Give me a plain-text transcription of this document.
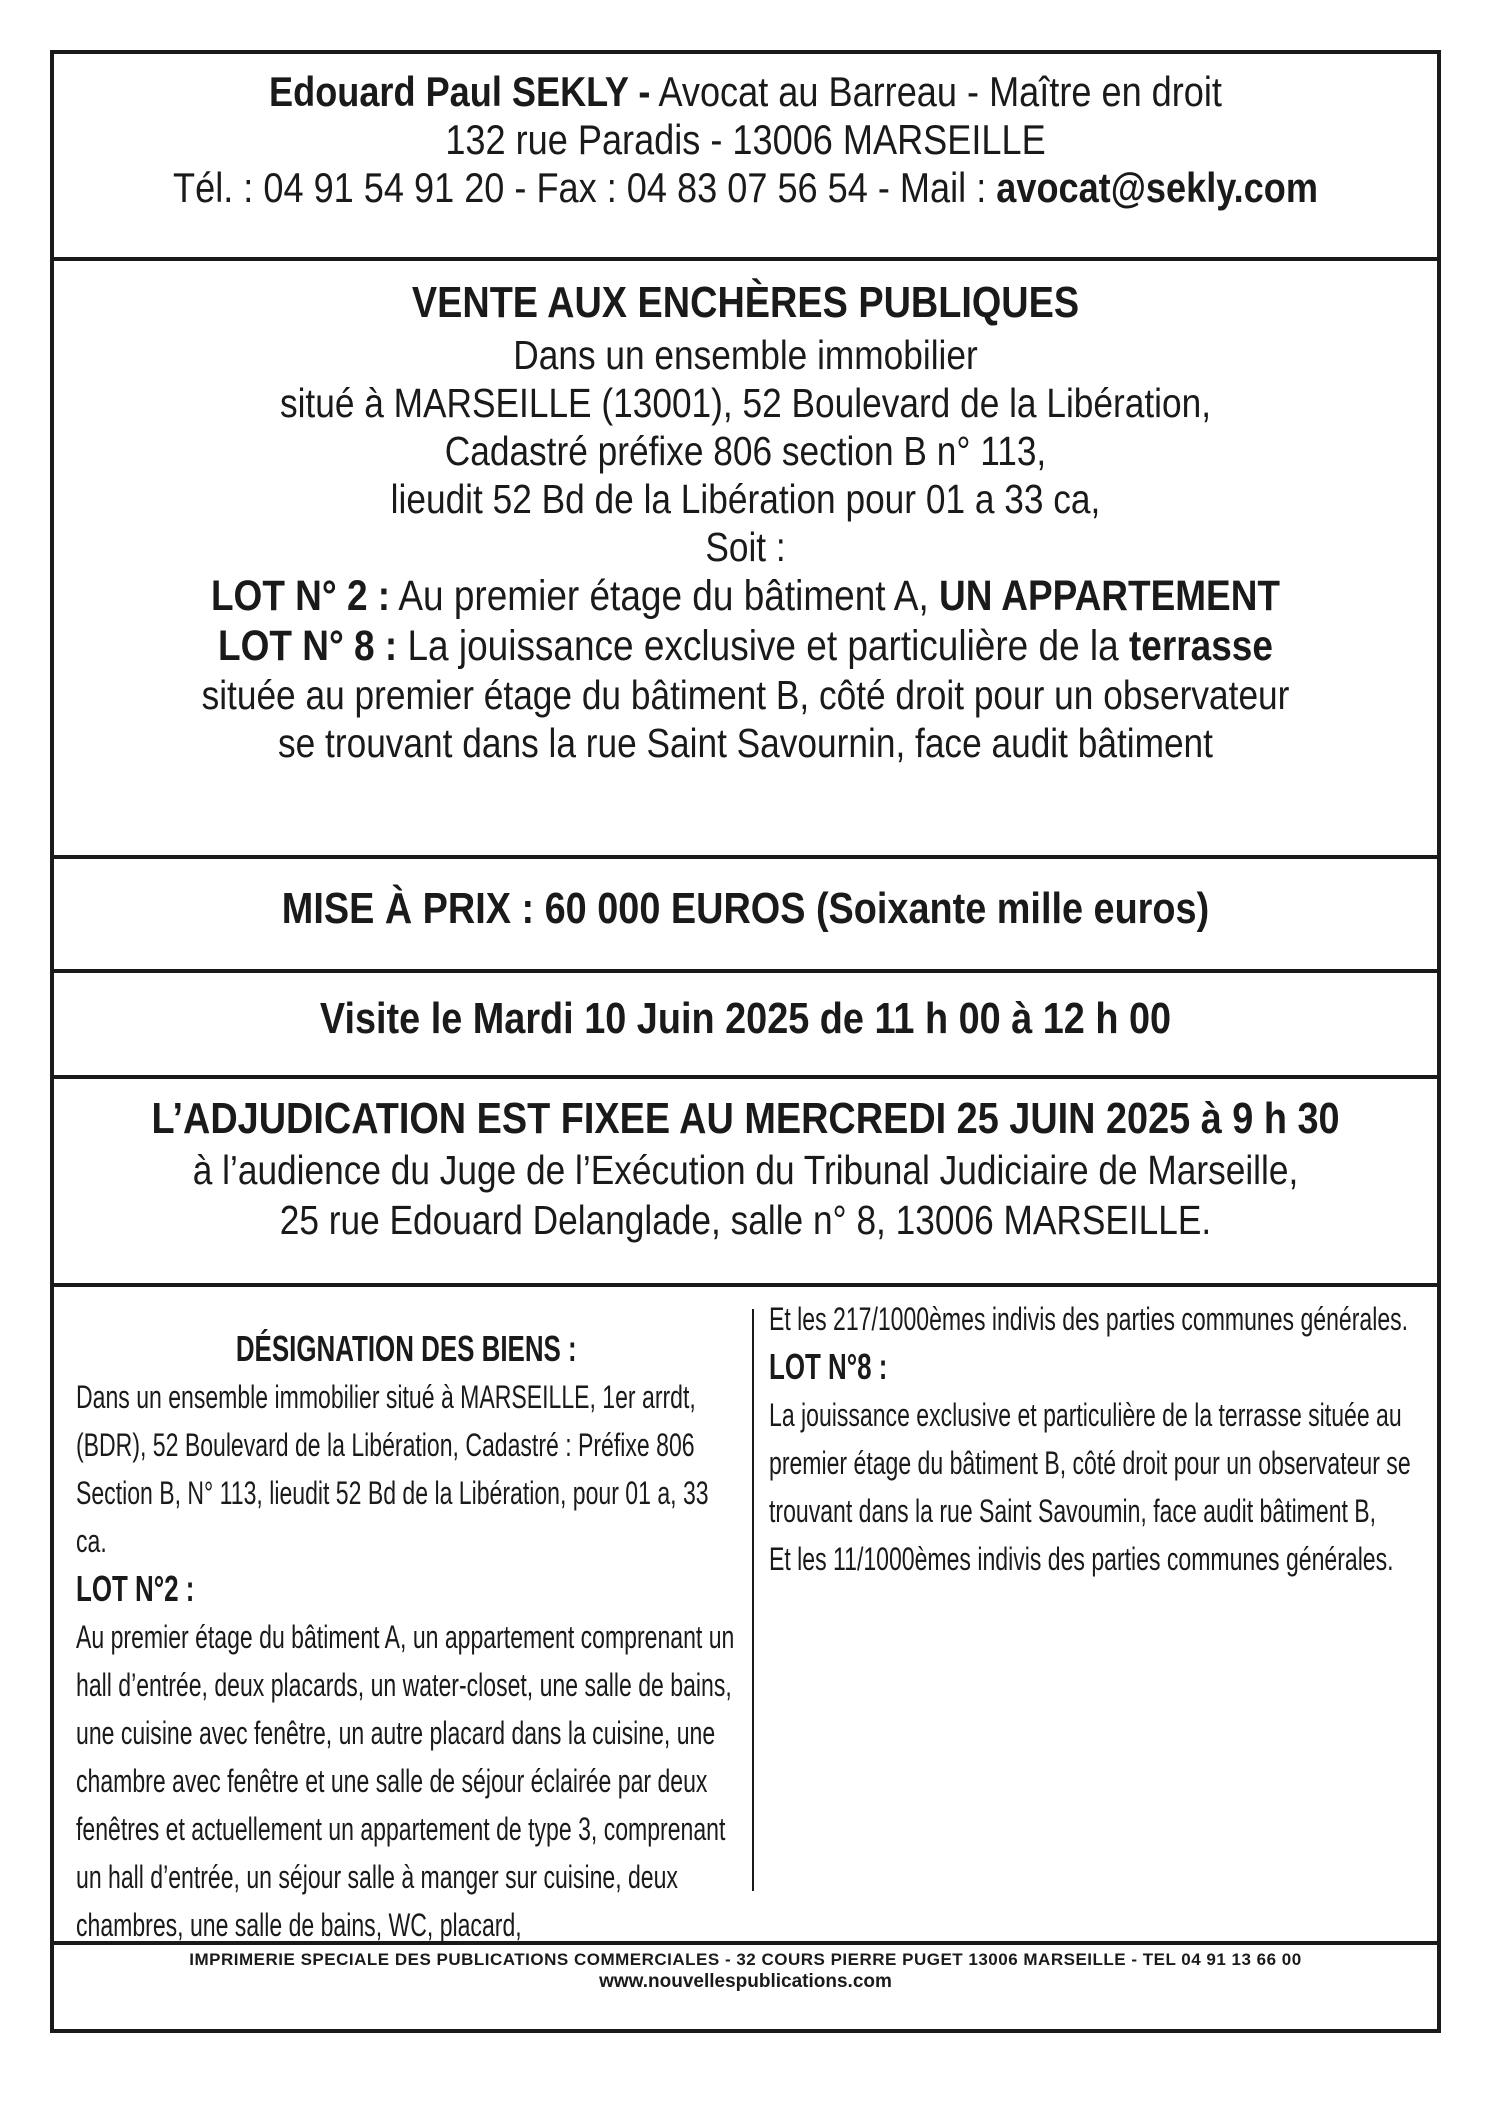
Edouard Paul SEKLY - Avocat au Barreau - Maître en droit
132 rue Paradis - 13006 MARSEILLE
Tél. : 04 91 54 91 20 - Fax : 04 83 07 56 54 - Mail : avocat@sekly.com
VENTE AUX ENCHÈRES PUBLIQUES
Dans un ensemble immobilier
situé à MARSEILLE (13001), 52 Boulevard de la Libération,
Cadastré préfixe 806 section B n° 113,
lieudit 52 Bd de la Libération pour 01 a 33 ca,
Soit :
LOT N° 2 : Au premier étage du bâtiment A, UN APPARTEMENT
LOT N° 8 : La jouissance exclusive et particulière de la terrasse
située au premier étage du bâtiment B, côté droit pour un observateur
se trouvant dans la rue Saint Savournin, face audit bâtiment
MISE À PRIX : 60 000 EUROS (Soixante mille euros)
Visite le Mardi 10 Juin 2025 de 11 h 00 à 12 h 00
L’ADJUDICATION EST FIXEE AU MERCREDI 25 JUIN 2025 à 9 h 30
à l’audience du Juge de l’Exécution du Tribunal Judiciaire de Marseille,
25 rue Edouard Delanglade, salle n° 8, 13006 MARSEILLE.

DÉSIGNATION DES BIENS :

Dans un ensemble immobilier situé à MARSEILLE, 1er arrdt, (BDR), 52 Boulevard de la Libération, Cadastré : Préfixe 806 Section B, N° 113, lieudit 52 Bd de la Libération, pour 01 a, 33 ca.

LOT N°2 :

Au premier étage du bâtiment A, un appartement comprenant un hall d’entrée, deux placards, un water-closet, une salle de bains, une cuisine avec fenêtre, un autre placard dans la cuisine, une chambre avec fenêtre et une salle de séjour éclairée par deux fenêtres et actuellement un appartement de type 3, comprenant un hall d’entrée, un séjour salle à manger sur cuisine, deux chambres, une salle de bains, WC, placard,

Et les 217/1000èmes indivis des parties communes générales.

LOT N°8 :

La jouissance exclusive et particulière de la terrasse située au premier étage du bâtiment B, côté droit pour un observateur se trouvant dans la rue Saint Savoumin, face audit bâtiment B,

Et les 11/1000èmes indivis des parties communes générales.

IMPRIMERIE SPECIALE DES PUBLICATIONS COMMERCIALES - 32 COURS PIERRE PUGET 13006 MARSEILLE - TEL 04 91 13 66 00
www.nouvellespublications.com
